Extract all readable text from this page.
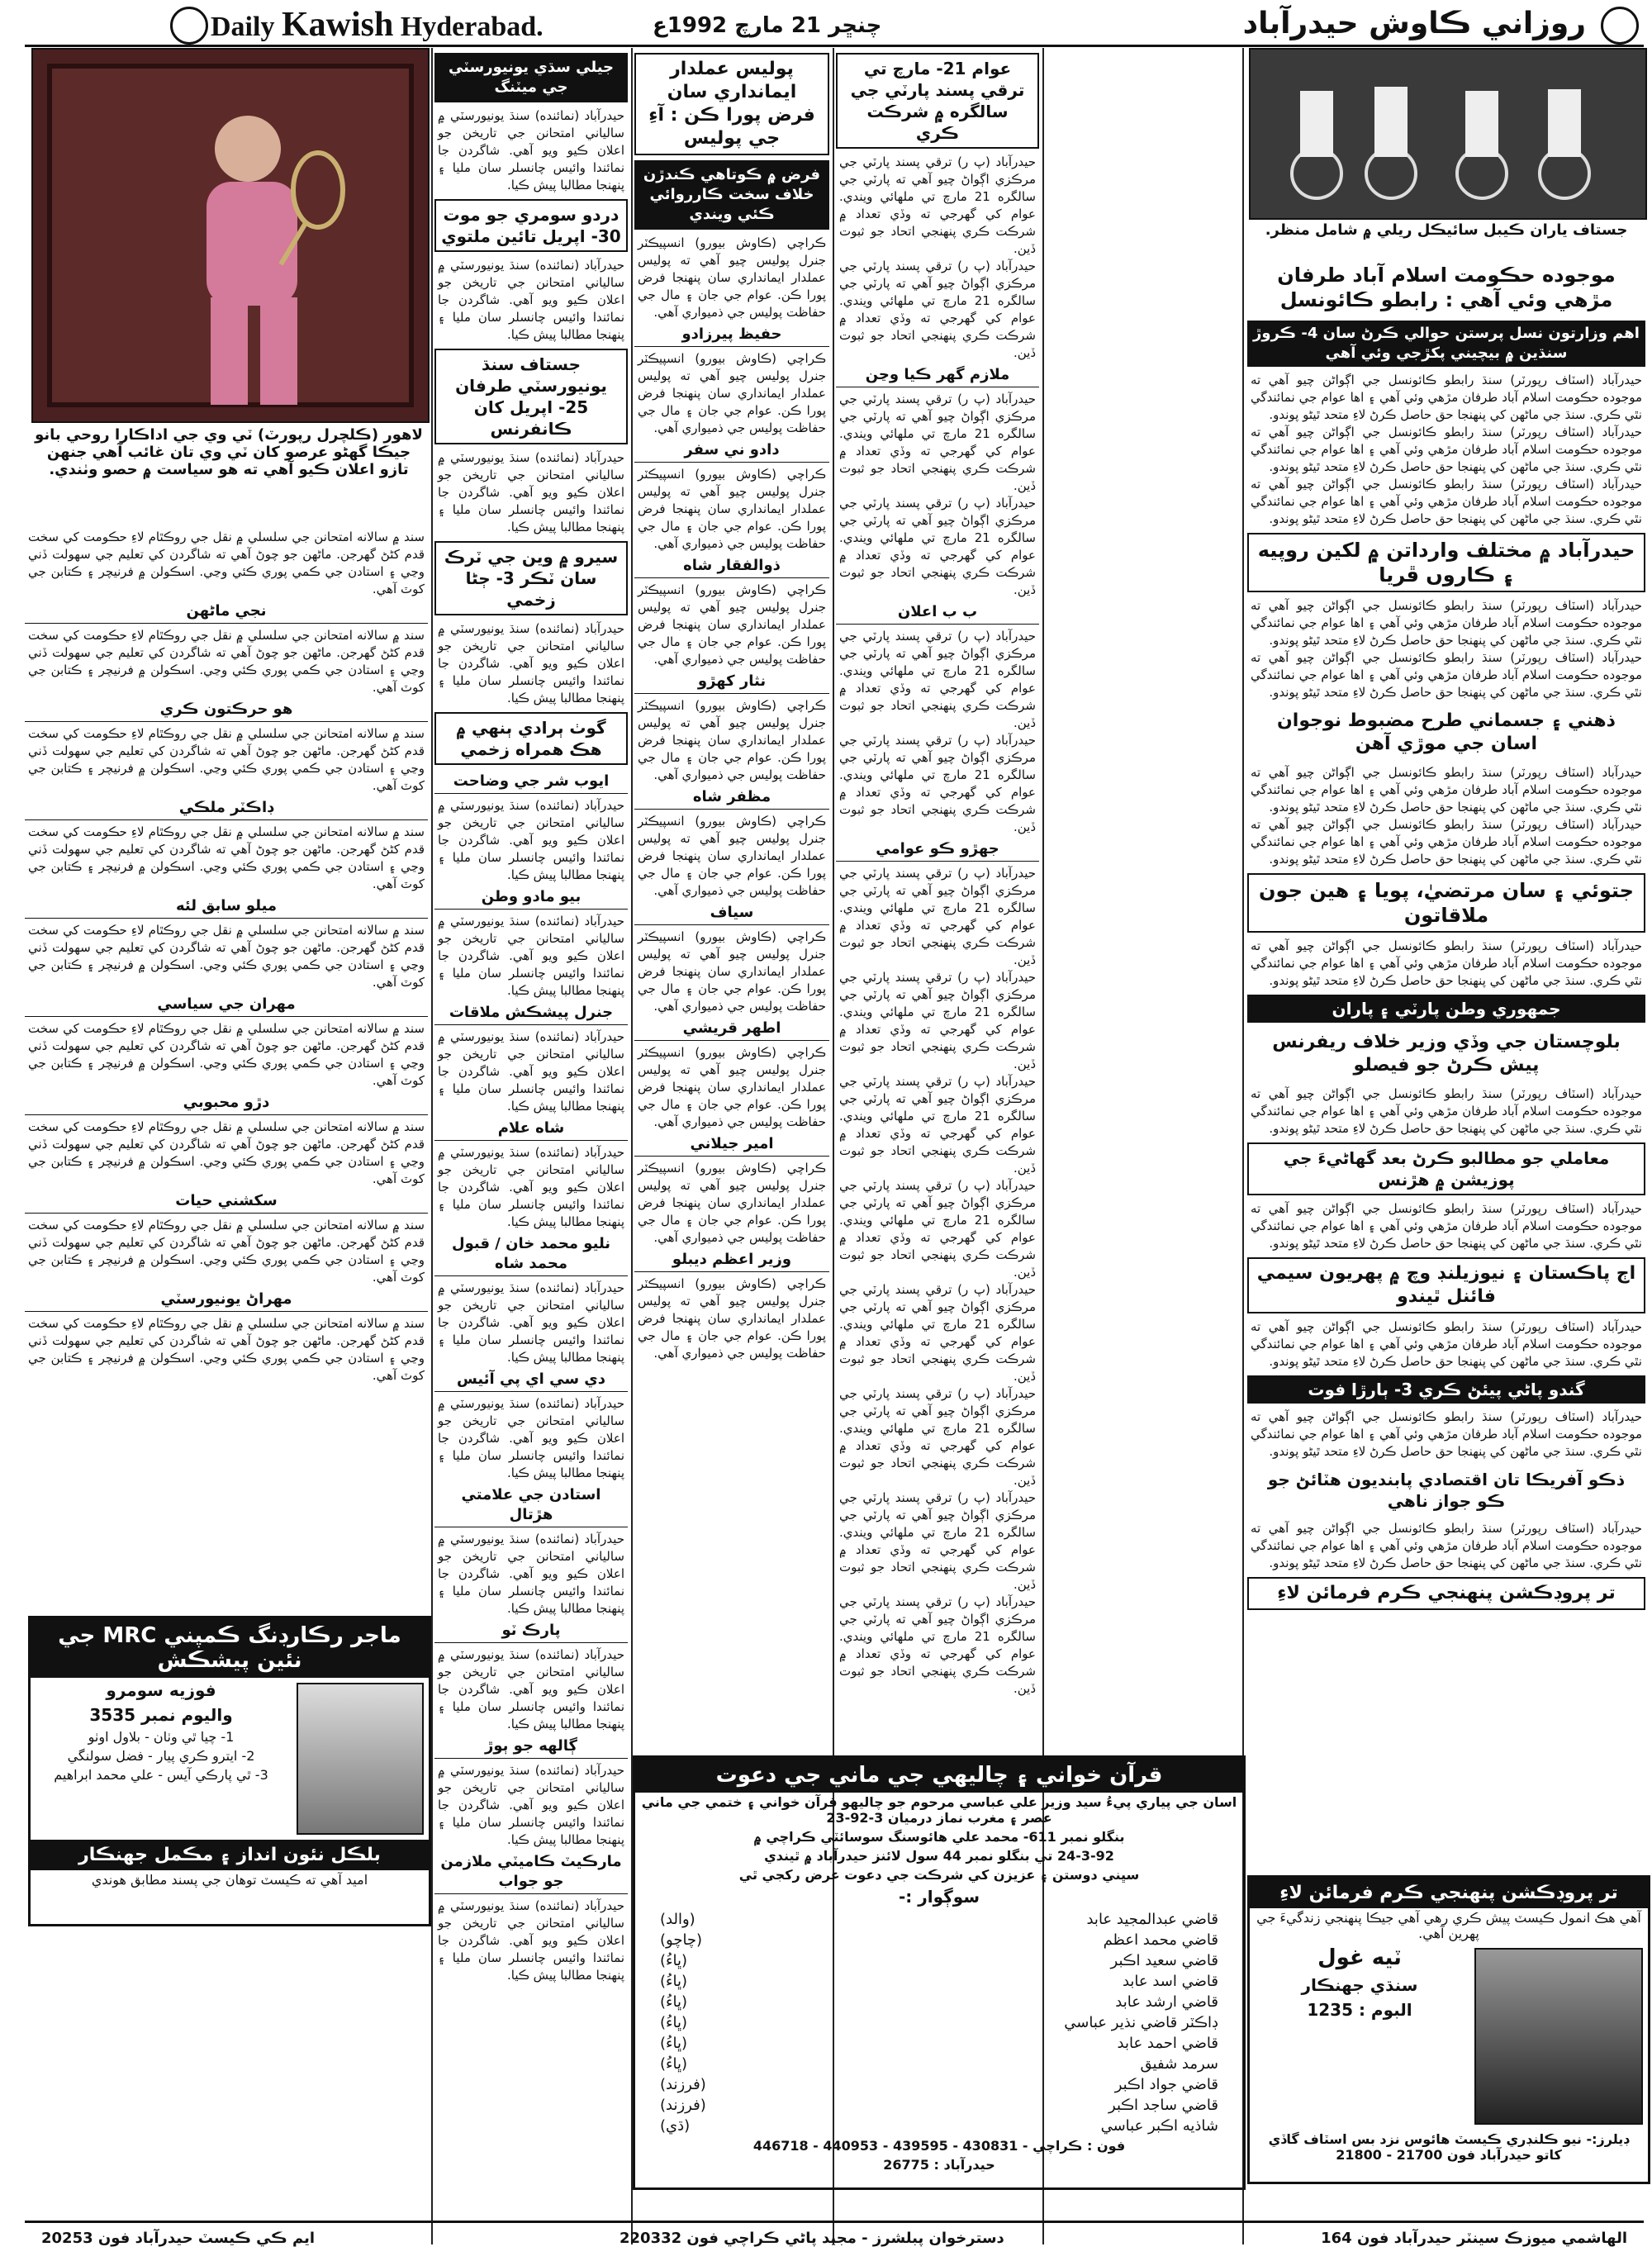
Daily Kawish Hyderabad.	چنڇر 21 مارچ 1992ع	روزاني ڪاوش حيدرآباد
لاهور (ڪلچرل رپورٽ) ٽي وي جي اداڪارا روحي بانو جيڪا گهڻو عرصو کان ٽي وي تان غائب آهي جنهن تازو اعلان ڪيو آهي ته هو سياست ۾ حصو وٺندي.
جستاف ياران ڪيبل سائيڪل ريلي ۾ شامل منظر.
سند ۾ سالانه امتحانن جي سلسلي ۾ نقل جي روڪٿام لاءِ حڪومت کي سخت قدم کڻڻ گهرجن. ماڻهن جو چوڻ آهي ته شاگردن کي تعليم جي سهولت ڏني وڃي ۽ استادن جي ڪمي پوري ڪئي وڃي. اسڪولن ۾ فرنيچر ۽ ڪتابن جي کوٽ آهي.
نجي ماڻهن
سند ۾ سالانه امتحانن جي سلسلي ۾ نقل جي روڪٿام لاءِ حڪومت کي سخت قدم کڻڻ گهرجن. ماڻهن جو چوڻ آهي ته شاگردن کي تعليم جي سهولت ڏني وڃي ۽ استادن جي ڪمي پوري ڪئي وڃي. اسڪولن ۾ فرنيچر ۽ ڪتابن جي کوٽ آهي.
هو حرڪتون ڪري
سند ۾ سالانه امتحانن جي سلسلي ۾ نقل جي روڪٿام لاءِ حڪومت کي سخت قدم کڻڻ گهرجن. ماڻهن جو چوڻ آهي ته شاگردن کي تعليم جي سهولت ڏني وڃي ۽ استادن جي ڪمي پوري ڪئي وڃي. اسڪولن ۾ فرنيچر ۽ ڪتابن جي کوٽ آهي.
ڊاڪٽر ملڪي
سند ۾ سالانه امتحانن جي سلسلي ۾ نقل جي روڪٿام لاءِ حڪومت کي سخت قدم کڻڻ گهرجن. ماڻهن جو چوڻ آهي ته شاگردن کي تعليم جي سهولت ڏني وڃي ۽ استادن جي ڪمي پوري ڪئي وڃي. اسڪولن ۾ فرنيچر ۽ ڪتابن جي کوٽ آهي.
ميلو سابق لئه
سند ۾ سالانه امتحانن جي سلسلي ۾ نقل جي روڪٿام لاءِ حڪومت کي سخت قدم کڻڻ گهرجن. ماڻهن جو چوڻ آهي ته شاگردن کي تعليم جي سهولت ڏني وڃي ۽ استادن جي ڪمي پوري ڪئي وڃي. اسڪولن ۾ فرنيچر ۽ ڪتابن جي کوٽ آهي.
مهران جي سياسي
سند ۾ سالانه امتحانن جي سلسلي ۾ نقل جي روڪٿام لاءِ حڪومت کي سخت قدم کڻڻ گهرجن. ماڻهن جو چوڻ آهي ته شاگردن کي تعليم جي سهولت ڏني وڃي ۽ استادن جي ڪمي پوري ڪئي وڃي. اسڪولن ۾ فرنيچر ۽ ڪتابن جي کوٽ آهي.
دڙو محبوبي
سند ۾ سالانه امتحانن جي سلسلي ۾ نقل جي روڪٿام لاءِ حڪومت کي سخت قدم کڻڻ گهرجن. ماڻهن جو چوڻ آهي ته شاگردن کي تعليم جي سهولت ڏني وڃي ۽ استادن جي ڪمي پوري ڪئي وڃي. اسڪولن ۾ فرنيچر ۽ ڪتابن جي کوٽ آهي.
سکشني حيات
سند ۾ سالانه امتحانن جي سلسلي ۾ نقل جي روڪٿام لاءِ حڪومت کي سخت قدم کڻڻ گهرجن. ماڻهن جو چوڻ آهي ته شاگردن کي تعليم جي سهولت ڏني وڃي ۽ استادن جي ڪمي پوري ڪئي وڃي. اسڪولن ۾ فرنيچر ۽ ڪتابن جي کوٽ آهي.
مهراڻ يونيورسٽي
سند ۾ سالانه امتحانن جي سلسلي ۾ نقل جي روڪٿام لاءِ حڪومت کي سخت قدم کڻڻ گهرجن. ماڻهن جو چوڻ آهي ته شاگردن کي تعليم جي سهولت ڏني وڃي ۽ استادن جي ڪمي پوري ڪئي وڃي. اسڪولن ۾ فرنيچر ۽ ڪتابن جي کوٽ آهي.
ماجر رڪارڊنگ ڪمپني MRC جي نئين پيشڪش
فوزيه سومرو
واليوم نمبر 3535
1- چيا ٿي وٺان - بلاول اوٺو
2- ايترو ڪري پيار - فضل سولنگي
3- ٿي پارڪي آيس - علي محمد ابراهيم
بلڪل نئون انداز ۽ مڪمل جهنڪار
اميد آهي ته ڪيسٽ توهان جي پسند مطابق هوندي
جيلي سڌي يونيورسٽي جي ميٽنگ
حيدرآباد (نمائنده) سنڌ يونيورسٽي ۾ سالياني امتحانن جي تاريخن جو اعلان ڪيو ويو آهي. شاگردن جا نمائندا وائيس چانسلر سان مليا ۽ پنهنجا مطالبا پيش ڪيا.
دردو سومري جو موت 30- اپريل تائين ملتوي
حيدرآباد (نمائنده) سنڌ يونيورسٽي ۾ سالياني امتحانن جي تاريخن جو اعلان ڪيو ويو آهي. شاگردن جا نمائندا وائيس چانسلر سان مليا ۽ پنهنجا مطالبا پيش ڪيا.
جستاف سنڌ يونيورسٽي طرفان 25- اپريل کان ڪانفرنس
حيدرآباد (نمائنده) سنڌ يونيورسٽي ۾ سالياني امتحانن جي تاريخن جو اعلان ڪيو ويو آهي. شاگردن جا نمائندا وائيس چانسلر سان مليا ۽ پنهنجا مطالبا پيش ڪيا.
سيرو ۾ وين جي ٽرڪ سان ٽڪر 3- ڄڻا زخمي
حيدرآباد (نمائنده) سنڌ يونيورسٽي ۾ سالياني امتحانن جي تاريخن جو اعلان ڪيو ويو آهي. شاگردن جا نمائندا وائيس چانسلر سان مليا ۽ پنهنجا مطالبا پيش ڪيا.
گوٺ ٻرادي ٻنهي ۾ هڪ همراه زخمي
ايوب شر جي وضاحت
حيدرآباد (نمائنده) سنڌ يونيورسٽي ۾ سالياني امتحانن جي تاريخن جو اعلان ڪيو ويو آهي. شاگردن جا نمائندا وائيس چانسلر سان مليا ۽ پنهنجا مطالبا پيش ڪيا.
بيو مادو وطن
حيدرآباد (نمائنده) سنڌ يونيورسٽي ۾ سالياني امتحانن جي تاريخن جو اعلان ڪيو ويو آهي. شاگردن جا نمائندا وائيس چانسلر سان مليا ۽ پنهنجا مطالبا پيش ڪيا.
جنرل پيشڪش ملاقات
حيدرآباد (نمائنده) سنڌ يونيورسٽي ۾ سالياني امتحانن جي تاريخن جو اعلان ڪيو ويو آهي. شاگردن جا نمائندا وائيس چانسلر سان مليا ۽ پنهنجا مطالبا پيش ڪيا.
شاه علام
حيدرآباد (نمائنده) سنڌ يونيورسٽي ۾ سالياني امتحانن جي تاريخن جو اعلان ڪيو ويو آهي. شاگردن جا نمائندا وائيس چانسلر سان مليا ۽ پنهنجا مطالبا پيش ڪيا.
نليو محمد خان / قبول محمد شاه
حيدرآباد (نمائنده) سنڌ يونيورسٽي ۾ سالياني امتحانن جي تاريخن جو اعلان ڪيو ويو آهي. شاگردن جا نمائندا وائيس چانسلر سان مليا ۽ پنهنجا مطالبا پيش ڪيا.
دي سي اي پي آئيس
حيدرآباد (نمائنده) سنڌ يونيورسٽي ۾ سالياني امتحانن جي تاريخن جو اعلان ڪيو ويو آهي. شاگردن جا نمائندا وائيس چانسلر سان مليا ۽ پنهنجا مطالبا پيش ڪيا.
استادن جي علامتي هڙتال
حيدرآباد (نمائنده) سنڌ يونيورسٽي ۾ سالياني امتحانن جي تاريخن جو اعلان ڪيو ويو آهي. شاگردن جا نمائندا وائيس چانسلر سان مليا ۽ پنهنجا مطالبا پيش ڪيا.
پارڪ ٽو
حيدرآباد (نمائنده) سنڌ يونيورسٽي ۾ سالياني امتحانن جي تاريخن جو اعلان ڪيو ويو آهي. شاگردن جا نمائندا وائيس چانسلر سان مليا ۽ پنهنجا مطالبا پيش ڪيا.
ڳالهه جو ٻوڙ
حيدرآباد (نمائنده) سنڌ يونيورسٽي ۾ سالياني امتحانن جي تاريخن جو اعلان ڪيو ويو آهي. شاگردن جا نمائندا وائيس چانسلر سان مليا ۽ پنهنجا مطالبا پيش ڪيا.
مارڪيٽ ڪاميٽي ملازمن جو جواب
حيدرآباد (نمائنده) سنڌ يونيورسٽي ۾ سالياني امتحانن جي تاريخن جو اعلان ڪيو ويو آهي. شاگردن جا نمائندا وائيس چانسلر سان مليا ۽ پنهنجا مطالبا پيش ڪيا.
پوليس عملدار ايمانداري سان فرض پورا ڪن : آءِ جي پوليس
فرض ۾ ڪوتاهي ڪندڙن خلاف سخت ڪارروائي ڪئي ويندي
ڪراچي (ڪاوش بيورو) انسپيڪٽر جنرل پوليس چيو آهي ته پوليس عملدار ايمانداري سان پنهنجا فرض پورا ڪن. عوام جي جان ۽ مال جي حفاظت پوليس جي ذميواري آهي.
حفيظ پيرزادو
ڪراچي (ڪاوش بيورو) انسپيڪٽر جنرل پوليس چيو آهي ته پوليس عملدار ايمانداري سان پنهنجا فرض پورا ڪن. عوام جي جان ۽ مال جي حفاظت پوليس جي ذميواري آهي.
دادو ني سفر
ڪراچي (ڪاوش بيورو) انسپيڪٽر جنرل پوليس چيو آهي ته پوليس عملدار ايمانداري سان پنهنجا فرض پورا ڪن. عوام جي جان ۽ مال جي حفاظت پوليس جي ذميواري آهي.
ذوالفقار شاه
ڪراچي (ڪاوش بيورو) انسپيڪٽر جنرل پوليس چيو آهي ته پوليس عملدار ايمانداري سان پنهنجا فرض پورا ڪن. عوام جي جان ۽ مال جي حفاظت پوليس جي ذميواري آهي.
نثار کهڙو
ڪراچي (ڪاوش بيورو) انسپيڪٽر جنرل پوليس چيو آهي ته پوليس عملدار ايمانداري سان پنهنجا فرض پورا ڪن. عوام جي جان ۽ مال جي حفاظت پوليس جي ذميواري آهي.
مظفر شاه
ڪراچي (ڪاوش بيورو) انسپيڪٽر جنرل پوليس چيو آهي ته پوليس عملدار ايمانداري سان پنهنجا فرض پورا ڪن. عوام جي جان ۽ مال جي حفاظت پوليس جي ذميواري آهي.
سياف
ڪراچي (ڪاوش بيورو) انسپيڪٽر جنرل پوليس چيو آهي ته پوليس عملدار ايمانداري سان پنهنجا فرض پورا ڪن. عوام جي جان ۽ مال جي حفاظت پوليس جي ذميواري آهي.
اطهر قريشي
ڪراچي (ڪاوش بيورو) انسپيڪٽر جنرل پوليس چيو آهي ته پوليس عملدار ايمانداري سان پنهنجا فرض پورا ڪن. عوام جي جان ۽ مال جي حفاظت پوليس جي ذميواري آهي.
امير جيلاني
ڪراچي (ڪاوش بيورو) انسپيڪٽر جنرل پوليس چيو آهي ته پوليس عملدار ايمانداري سان پنهنجا فرض پورا ڪن. عوام جي جان ۽ مال جي حفاظت پوليس جي ذميواري آهي.
وزير اعظم ديبلو
ڪراچي (ڪاوش بيورو) انسپيڪٽر جنرل پوليس چيو آهي ته پوليس عملدار ايمانداري سان پنهنجا فرض پورا ڪن. عوام جي جان ۽ مال جي حفاظت پوليس جي ذميواري آهي.
عوام 21- مارچ تي ترقي پسند پارٽي جي سالگره ۾ شرڪت ڪري
حيدرآباد (پ ر) ترقي پسند پارٽي جي مرڪزي اڳواڻ چيو آهي ته پارٽي جي سالگره 21 مارچ تي ملهائي ويندي. عوام کي گهرجي ته وڏي تعداد ۾ شرڪت ڪري پنهنجي اتحاد جو ثبوت ڏين.
حيدرآباد (پ ر) ترقي پسند پارٽي جي مرڪزي اڳواڻ چيو آهي ته پارٽي جي سالگره 21 مارچ تي ملهائي ويندي. عوام کي گهرجي ته وڏي تعداد ۾ شرڪت ڪري پنهنجي اتحاد جو ثبوت ڏين.
ملازم گهر ڪيا وڃن
حيدرآباد (پ ر) ترقي پسند پارٽي جي مرڪزي اڳواڻ چيو آهي ته پارٽي جي سالگره 21 مارچ تي ملهائي ويندي. عوام کي گهرجي ته وڏي تعداد ۾ شرڪت ڪري پنهنجي اتحاد جو ثبوت ڏين.
حيدرآباد (پ ر) ترقي پسند پارٽي جي مرڪزي اڳواڻ چيو آهي ته پارٽي جي سالگره 21 مارچ تي ملهائي ويندي. عوام کي گهرجي ته وڏي تعداد ۾ شرڪت ڪري پنهنجي اتحاد جو ثبوت ڏين.
ب ب اعلان
حيدرآباد (پ ر) ترقي پسند پارٽي جي مرڪزي اڳواڻ چيو آهي ته پارٽي جي سالگره 21 مارچ تي ملهائي ويندي. عوام کي گهرجي ته وڏي تعداد ۾ شرڪت ڪري پنهنجي اتحاد جو ثبوت ڏين.
حيدرآباد (پ ر) ترقي پسند پارٽي جي مرڪزي اڳواڻ چيو آهي ته پارٽي جي سالگره 21 مارچ تي ملهائي ويندي. عوام کي گهرجي ته وڏي تعداد ۾ شرڪت ڪري پنهنجي اتحاد جو ثبوت ڏين.
جهڙو ڪو عوامي
حيدرآباد (پ ر) ترقي پسند پارٽي جي مرڪزي اڳواڻ چيو آهي ته پارٽي جي سالگره 21 مارچ تي ملهائي ويندي. عوام کي گهرجي ته وڏي تعداد ۾ شرڪت ڪري پنهنجي اتحاد جو ثبوت ڏين.
حيدرآباد (پ ر) ترقي پسند پارٽي جي مرڪزي اڳواڻ چيو آهي ته پارٽي جي سالگره 21 مارچ تي ملهائي ويندي. عوام کي گهرجي ته وڏي تعداد ۾ شرڪت ڪري پنهنجي اتحاد جو ثبوت ڏين.
حيدرآباد (پ ر) ترقي پسند پارٽي جي مرڪزي اڳواڻ چيو آهي ته پارٽي جي سالگره 21 مارچ تي ملهائي ويندي. عوام کي گهرجي ته وڏي تعداد ۾ شرڪت ڪري پنهنجي اتحاد جو ثبوت ڏين.
حيدرآباد (پ ر) ترقي پسند پارٽي جي مرڪزي اڳواڻ چيو آهي ته پارٽي جي سالگره 21 مارچ تي ملهائي ويندي. عوام کي گهرجي ته وڏي تعداد ۾ شرڪت ڪري پنهنجي اتحاد جو ثبوت ڏين.
حيدرآباد (پ ر) ترقي پسند پارٽي جي مرڪزي اڳواڻ چيو آهي ته پارٽي جي سالگره 21 مارچ تي ملهائي ويندي. عوام کي گهرجي ته وڏي تعداد ۾ شرڪت ڪري پنهنجي اتحاد جو ثبوت ڏين.
حيدرآباد (پ ر) ترقي پسند پارٽي جي مرڪزي اڳواڻ چيو آهي ته پارٽي جي سالگره 21 مارچ تي ملهائي ويندي. عوام کي گهرجي ته وڏي تعداد ۾ شرڪت ڪري پنهنجي اتحاد جو ثبوت ڏين.
حيدرآباد (پ ر) ترقي پسند پارٽي جي مرڪزي اڳواڻ چيو آهي ته پارٽي جي سالگره 21 مارچ تي ملهائي ويندي. عوام کي گهرجي ته وڏي تعداد ۾ شرڪت ڪري پنهنجي اتحاد جو ثبوت ڏين.
حيدرآباد (پ ر) ترقي پسند پارٽي جي مرڪزي اڳواڻ چيو آهي ته پارٽي جي سالگره 21 مارچ تي ملهائي ويندي. عوام کي گهرجي ته وڏي تعداد ۾ شرڪت ڪري پنهنجي اتحاد جو ثبوت ڏين.
قرآن خواني ۽ چاليهي جي ماني جي دعوت
اسان جي پياري پيءُ سيد وزير علي عباسي مرحوم جو چاليهو قرآن خواني ۽ ختمي جي ماني عصر ۽ مغرب نماز درميان 3-92-23
بنگلو نمبر 611- محمد علي هائوسنگ سوسائٽي ڪراچي ۾
24-3-92 تي بنگلو نمبر 44 سول لائنز حيدرآباد ۾ ٿيندي
سڀني دوستن ۽ عزيزن کي شرڪت جي دعوت عرض رکجي ٿي
سوڳوار :-
قاضي عبدالمجيد عابد
(والد)
قاضي محمد اعظم
(چاچو)
قاضي سعيد اڪبر
(ڀاءُ)
قاضي اسد عابد
(ڀاءُ)
قاضي ارشد عابد
(ڀاءُ)
ڊاڪٽر قاضي نذير عباسي
(ڀاءُ)
قاضي احمد عابد
(ڀاءُ)
سرمد شفيق
(ڀاءُ)
قاضي جواد اڪبر
(فرزند)
قاضي ساجد اڪبر
(فرزند)
شاذيه اڪبر عباسي
(ڌي)
فون : ڪراچي - 430831 - 439595 - 440953 - 446718
حيدرآباد : 26775
موجوده حڪومت اسلام آباد طرفان مڙهي وئي آهي : رابطو ڪائونسل
اهم وزارتون نسل پرستن حوالي ڪرڻ سان 4- ڪروڙ سنڌين ۾ بيچيني پکڙجي وئي آهي
حيدرآباد (اسٽاف رپورٽر) سنڌ رابطو ڪائونسل جي اڳواڻن چيو آهي ته موجوده حڪومت اسلام آباد طرفان مڙهي وئي آهي ۽ اها عوام جي نمائندگي نٿي ڪري. سنڌ جي ماڻهن کي پنهنجا حق حاصل ڪرڻ لاءِ متحد ٿيڻو پوندو.
حيدرآباد (اسٽاف رپورٽر) سنڌ رابطو ڪائونسل جي اڳواڻن چيو آهي ته موجوده حڪومت اسلام آباد طرفان مڙهي وئي آهي ۽ اها عوام جي نمائندگي نٿي ڪري. سنڌ جي ماڻهن کي پنهنجا حق حاصل ڪرڻ لاءِ متحد ٿيڻو پوندو.
حيدرآباد (اسٽاف رپورٽر) سنڌ رابطو ڪائونسل جي اڳواڻن چيو آهي ته موجوده حڪومت اسلام آباد طرفان مڙهي وئي آهي ۽ اها عوام جي نمائندگي نٿي ڪري. سنڌ جي ماڻهن کي پنهنجا حق حاصل ڪرڻ لاءِ متحد ٿيڻو پوندو.
حيدرآباد ۾ مختلف وارداتن ۾ لکين روپيه ۽ ڪاروں ڦريا
حيدرآباد (اسٽاف رپورٽر) سنڌ رابطو ڪائونسل جي اڳواڻن چيو آهي ته موجوده حڪومت اسلام آباد طرفان مڙهي وئي آهي ۽ اها عوام جي نمائندگي نٿي ڪري. سنڌ جي ماڻهن کي پنهنجا حق حاصل ڪرڻ لاءِ متحد ٿيڻو پوندو.
حيدرآباد (اسٽاف رپورٽر) سنڌ رابطو ڪائونسل جي اڳواڻن چيو آهي ته موجوده حڪومت اسلام آباد طرفان مڙهي وئي آهي ۽ اها عوام جي نمائندگي نٿي ڪري. سنڌ جي ماڻهن کي پنهنجا حق حاصل ڪرڻ لاءِ متحد ٿيڻو پوندو.
ذهني ۽ جسماني طرح مضبوط نوجوان اسان جي موڙي آهن
حيدرآباد (اسٽاف رپورٽر) سنڌ رابطو ڪائونسل جي اڳواڻن چيو آهي ته موجوده حڪومت اسلام آباد طرفان مڙهي وئي آهي ۽ اها عوام جي نمائندگي نٿي ڪري. سنڌ جي ماڻهن کي پنهنجا حق حاصل ڪرڻ لاءِ متحد ٿيڻو پوندو.
حيدرآباد (اسٽاف رپورٽر) سنڌ رابطو ڪائونسل جي اڳواڻن چيو آهي ته موجوده حڪومت اسلام آباد طرفان مڙهي وئي آهي ۽ اها عوام جي نمائندگي نٿي ڪري. سنڌ جي ماڻهن کي پنهنجا حق حاصل ڪرڻ لاءِ متحد ٿيڻو پوندو.
جتوئي ۽ سان مرتضيٰ، پويا ۽ هين جون ملاقاتون
حيدرآباد (اسٽاف رپورٽر) سنڌ رابطو ڪائونسل جي اڳواڻن چيو آهي ته موجوده حڪومت اسلام آباد طرفان مڙهي وئي آهي ۽ اها عوام جي نمائندگي نٿي ڪري. سنڌ جي ماڻهن کي پنهنجا حق حاصل ڪرڻ لاءِ متحد ٿيڻو پوندو.
جمهوري وطن پارٽي ۽ پاران
بلوچستان جي وڏي وزير خلاف ريفرنس پيش ڪرڻ جو فيصلو
حيدرآباد (اسٽاف رپورٽر) سنڌ رابطو ڪائونسل جي اڳواڻن چيو آهي ته موجوده حڪومت اسلام آباد طرفان مڙهي وئي آهي ۽ اها عوام جي نمائندگي نٿي ڪري. سنڌ جي ماڻهن کي پنهنجا حق حاصل ڪرڻ لاءِ متحد ٿيڻو پوندو.
معاملي جو مطالبو ڪرڻ بعد گهاڻيءَ جي پوزيشن ۾ هڙنس
حيدرآباد (اسٽاف رپورٽر) سنڌ رابطو ڪائونسل جي اڳواڻن چيو آهي ته موجوده حڪومت اسلام آباد طرفان مڙهي وئي آهي ۽ اها عوام جي نمائندگي نٿي ڪري. سنڌ جي ماڻهن کي پنهنجا حق حاصل ڪرڻ لاءِ متحد ٿيڻو پوندو.
اڄ پاڪستان ۽ نيوزيلنڊ وچ ۾ پهريون سيمي فائنل ٿيندو
حيدرآباد (اسٽاف رپورٽر) سنڌ رابطو ڪائونسل جي اڳواڻن چيو آهي ته موجوده حڪومت اسلام آباد طرفان مڙهي وئي آهي ۽ اها عوام جي نمائندگي نٿي ڪري. سنڌ جي ماڻهن کي پنهنجا حق حاصل ڪرڻ لاءِ متحد ٿيڻو پوندو.
گندو پاڻي پيئڻ ڪري 3- ٻارڙا فوت
حيدرآباد (اسٽاف رپورٽر) سنڌ رابطو ڪائونسل جي اڳواڻن چيو آهي ته موجوده حڪومت اسلام آباد طرفان مڙهي وئي آهي ۽ اها عوام جي نمائندگي نٿي ڪري. سنڌ جي ماڻهن کي پنهنجا حق حاصل ڪرڻ لاءِ متحد ٿيڻو پوندو.
ذڪو آفريڪا تان اقتصادي پابنديون هٽائڻ جو ڪو جواز ناهي
حيدرآباد (اسٽاف رپورٽر) سنڌ رابطو ڪائونسل جي اڳواڻن چيو آهي ته موجوده حڪومت اسلام آباد طرفان مڙهي وئي آهي ۽ اها عوام جي نمائندگي نٿي ڪري. سنڌ جي ماڻهن کي پنهنجا حق حاصل ڪرڻ لاءِ متحد ٿيڻو پوندو.
تر پروڊڪشن پنهنجي ڪرم فرمائن لاءِ
تر پروڊڪشن پنهنجي ڪرم فرمائن لاءِ
آهي هڪ انمول ڪيسٽ پيش ڪري رهي آهي جيڪا پنهنجي زندگيءَ جي پهرين آهي.
ٽيه غول
سنڌي جهنڪار
البوم : 1235
ڊيلرز:- نيو ڪلنڊري ڪيسٽ هائوس نزد بس اسٽاف گاڏي کاتو حيدرآباد فون 21700 - 21800
ايم ڪي ڪيسٽ حيدرآباد فون 20253	دسترخوان پبلشرز - مجيد پاڻي ڪراچي فون 220332	الهاشمي ميوزڪ سينٽر حيدرآباد فون 164
